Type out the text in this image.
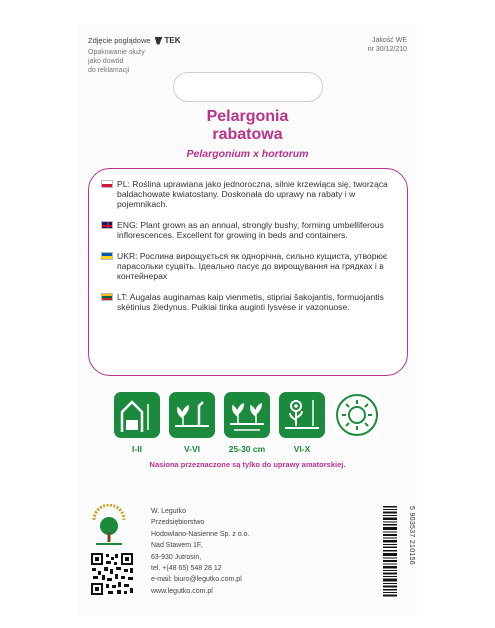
Zdjęcie poglądowe TEK
Opakowanie służy
jako dowód
do reklamacji
Jakość WE
nr 30/12/210
Pelargonia
rabatowa
Pelargonium x hortorum
PL: Roślina uprawiana jako jednoroczna, silnie krzewiąca się, tworząca baldachowate kwiatostany. Doskonała do uprawy na rabaty i w pojemnikach.
ENG: Plant grown as an annual, strongly bushy, forming umbelliferous inflorescences. Excellent for growing in beds and containers.
UKR: Рослина вирощується як однорічна, сильно кущиста, утворює парасольки суцвіть. Ідеально пасує до вирощування на грядках і в контейнерах
LT: Augalas auginamas kaip vienmetis, stipriai šakojantis, formuojantis skėtinius žiedynus. Puikiai tinka auginti lysvėse ir vazonuose.
I-II	V-VI	25-30 cm	VI-X
Nasiona przeznaczone są tylko do uprawy amatorskiej.
W. Legutko
Przedsiębiorstwo
Hodowlano-Nasienne Sp. z o.o.
Nad Stawem 1F,
63-930 Jutrosin,
tel. +(48 65) 548 28 12
e-mail: biuro@legutko.com.pl
www.legutko.com.pl
5 903537 210156
